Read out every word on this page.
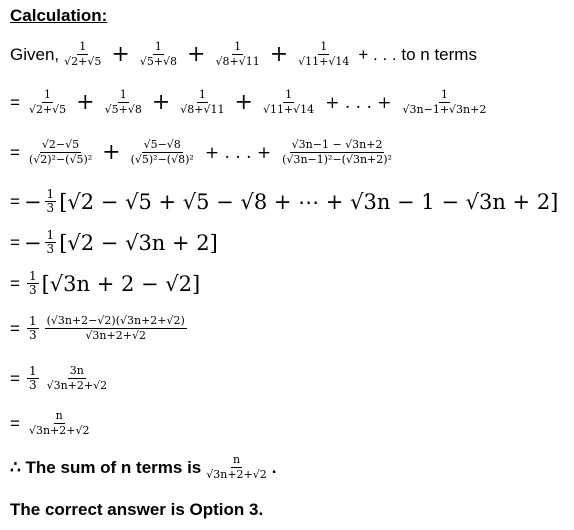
Calculation:
Given, $\frac{1}{√2+√5} + \frac{1}{√5+√8} + \frac{1}{√8+√11} + \frac{1}{√11+√14}$ + . . . to n terms
= $\frac{1}{√2+√5} + \frac{1}{√5+√8} + \frac{1}{√8+√11} + \frac{1}{√11+√14}$ + . . . + $\frac{1}{√3n-1+√3n+2}$
= $\frac{√2-√5}{\text{(√2)²−(√5)²}} + \frac{√5-√8}{\text{(√5)²−(√8)²}}$ + . . . + $\frac{√3n-1 - √3n+2}{\text{(√3n−1)²−(√3n+2)²}}$
= − $\frac{1}{3} [√2 - √5 + √5 - √8$ + ⋯ + √3n − 1 − √3n + 2]
= − $\frac{1}{3} [√2 - √3n + 2]$
= $\frac{1}{3} [√3n + 2 - √2]$
= $\frac{1}{3} \frac{(√3n+2-√2)(√3n+2+√2)}{√3n+2+√2}$
= $\frac{1}{3} \frac{3n}{√3n+2+√2}$
= $\frac{n}{√3n+2+√2}$
∴ The sum of n terms is $\frac{n}{√3n+2+√2}$ .
The correct answer is Option 3.
